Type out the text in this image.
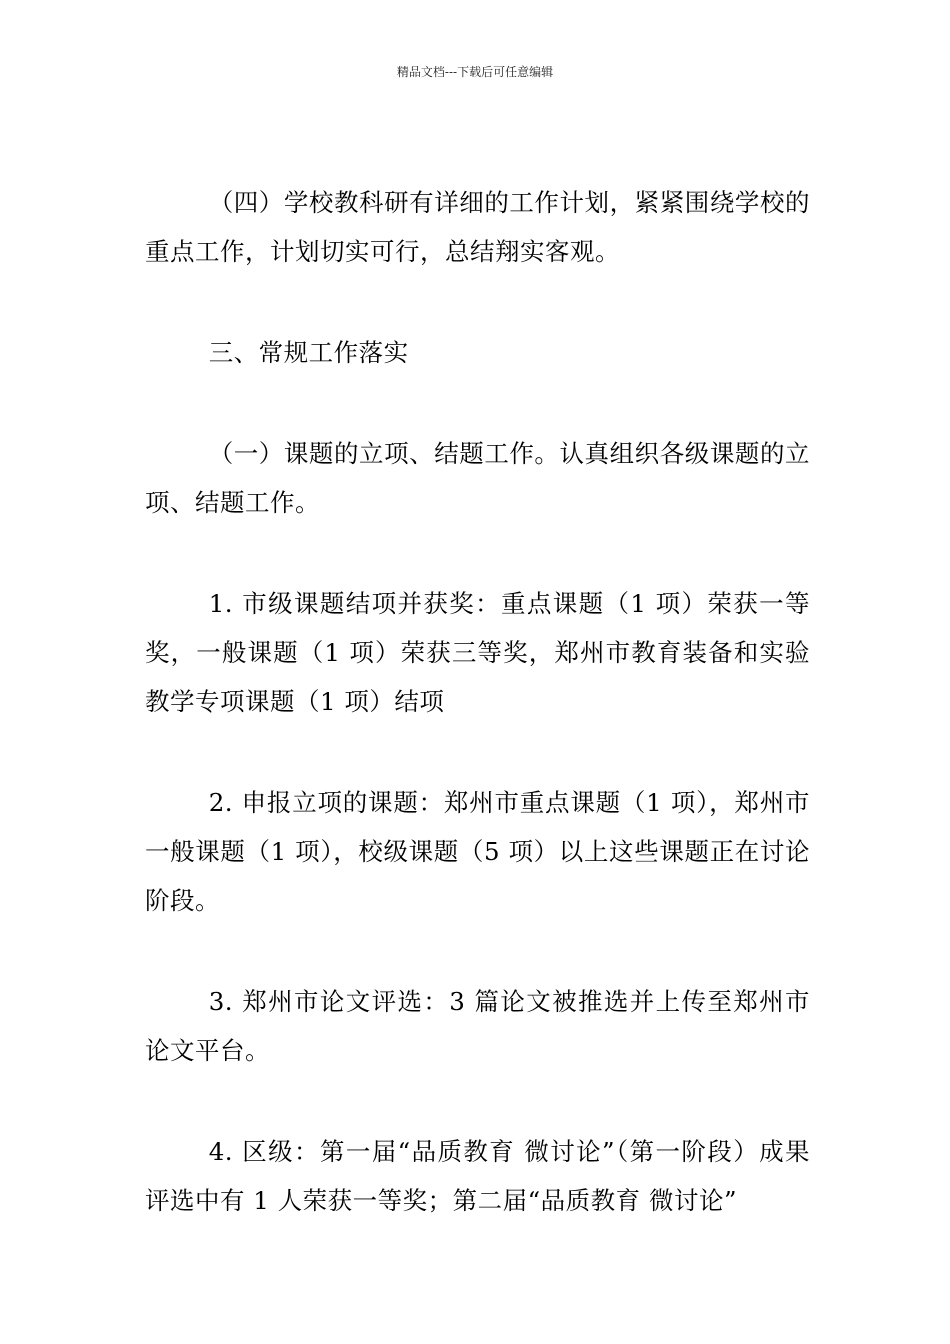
精品文档---下载后可任意编辑

（四）学校教科研有详细的工作计划，紧紧围绕学校的重点工作，计划切实可行，总结翔实客观。

三、常规工作落实

（一）课题的立项、结题工作。认真组织各级课题的立项、结题工作。

1. 市级课题结项并获奖：重点课题（1 项）荣获一等奖，一般课题（1 项）荣获三等奖，郑州市教育装备和实验教学专项课题（1 项）结项

2. 申报立项的课题：郑州市重点课题（1 项），郑州市一般课题（1 项），校级课题（5 项）以上这些课题正在讨论阶段。

3. 郑州市论文评选：3 篇论文被推选并上传至郑州市论文平台。

4. 区级：第一届“品质教育 微讨论”（第一阶段）成果评选中有 1 人荣获一等奖；第二届“品质教育 微讨论”
